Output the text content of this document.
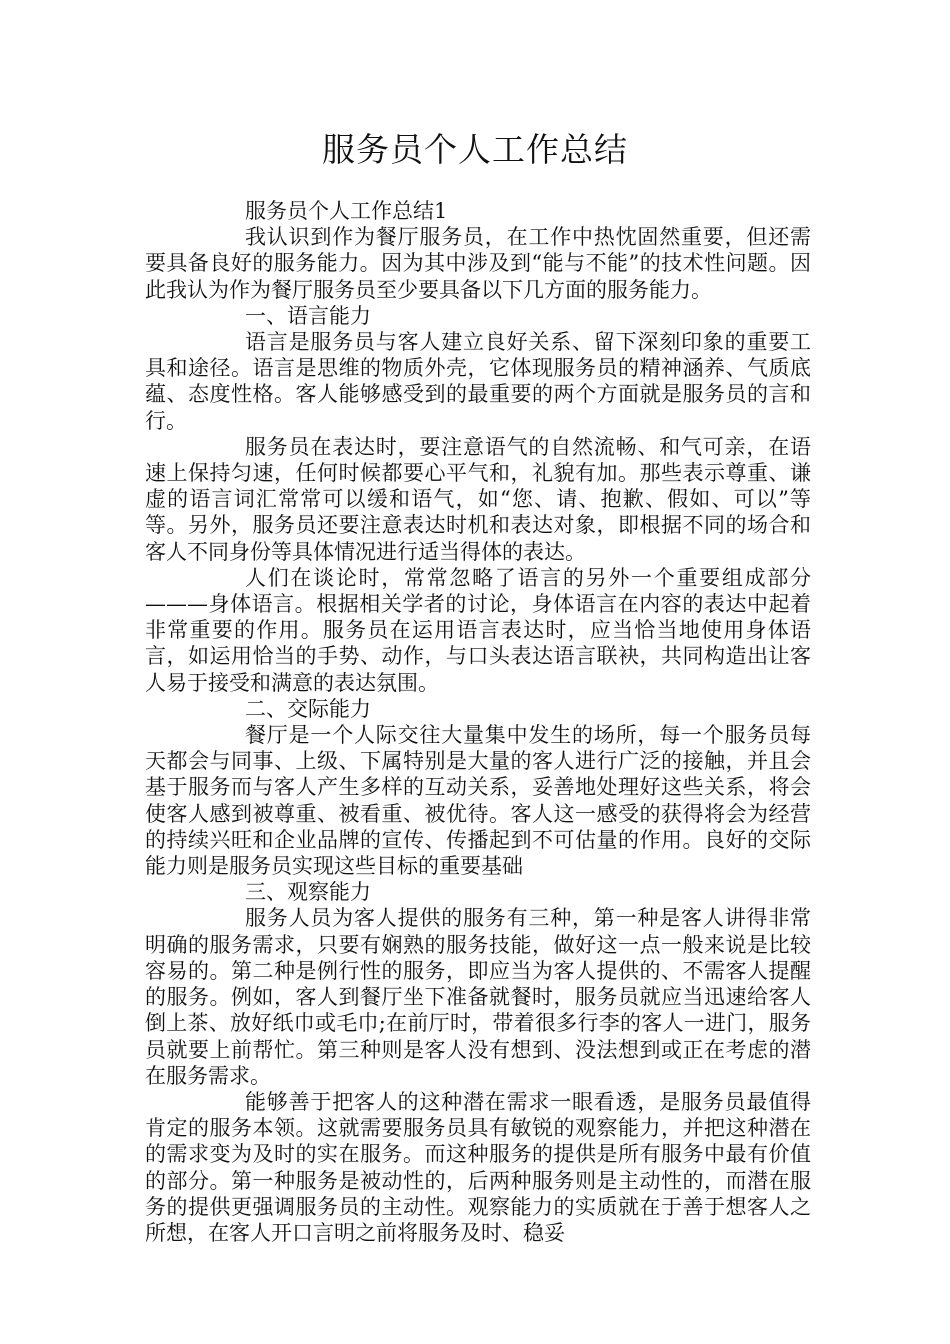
服务员个人工作总结

服务员个人工作总结1

我认识到作为餐厅服务员，在工作中热忱固然重要，但还需要具备良好的服务能力。因为其中涉及到“能与不能”的技术性问题。因此我认为作为餐厅服务员至少要具备以下几方面的服务能力。

一、语言能力

语言是服务员与客人建立良好关系、留下深刻印象的重要工具和途径。语言是思维的物质外壳，它体现服务员的精神涵养、气质底蕴、态度性格。客人能够感受到的最重要的两个方面就是服务员的言和行。

服务员在表达时，要注意语气的自然流畅、和气可亲，在语速上保持匀速，任何时候都要心平气和，礼貌有加。那些表示尊重、谦虚的语言词汇常常可以缓和语气，如“您、请、抱歉、假如、可以”等等。另外，服务员还要注意表达时机和表达对象，即根据不同的场合和客人不同身份等具体情况进行适当得体的表达。

人们在谈论时，常常忽略了语言的另外一个重要组成部分———身体语言。根据相关学者的讨论，身体语言在内容的表达中起着非常重要的作用。服务员在运用语言表达时，应当恰当地使用身体语言，如运用恰当的手势、动作，与口头表达语言联袂，共同构造出让客人易于接受和满意的表达氛围。

二、交际能力

餐厅是一个人际交往大量集中发生的场所，每一个服务员每天都会与同事、上级、下属特别是大量的客人进行广泛的接触，并且会基于服务而与客人产生多样的互动关系，妥善地处理好这些关系，将会使客人感到被尊重、被看重、被优待。客人这一感受的获得将会为经营的持续兴旺和企业品牌的宣传、传播起到不可估量的作用。良好的交际能力则是服务员实现这些目标的重要基础

三、观察能力

服务人员为客人提供的服务有三种，第一种是客人讲得非常明确的服务需求，只要有娴熟的服务技能，做好这一点一般来说是比较容易的。第二种是例行性的服务，即应当为客人提供的、不需客人提醒的服务。例如，客人到餐厅坐下准备就餐时，服务员就应当迅速给客人倒上茶、放好纸巾或毛巾;在前厅时，带着很多行李的客人一进门，服务员就要上前帮忙。第三种则是客人没有想到、没法想到或正在考虑的潜在服务需求。

能够善于把客人的这种潜在需求一眼看透，是服务员最值得肯定的服务本领。这就需要服务员具有敏锐的观察能力，并把这种潜在的需求变为及时的实在服务。而这种服务的提供是所有服务中最有价值的部分。第一种服务是被动性的，后两种服务则是主动性的，而潜在服务的提供更强调服务员的主动性。观察能力的实质就在于善于想客人之所想，在客人开口言明之前将服务及时、稳妥
